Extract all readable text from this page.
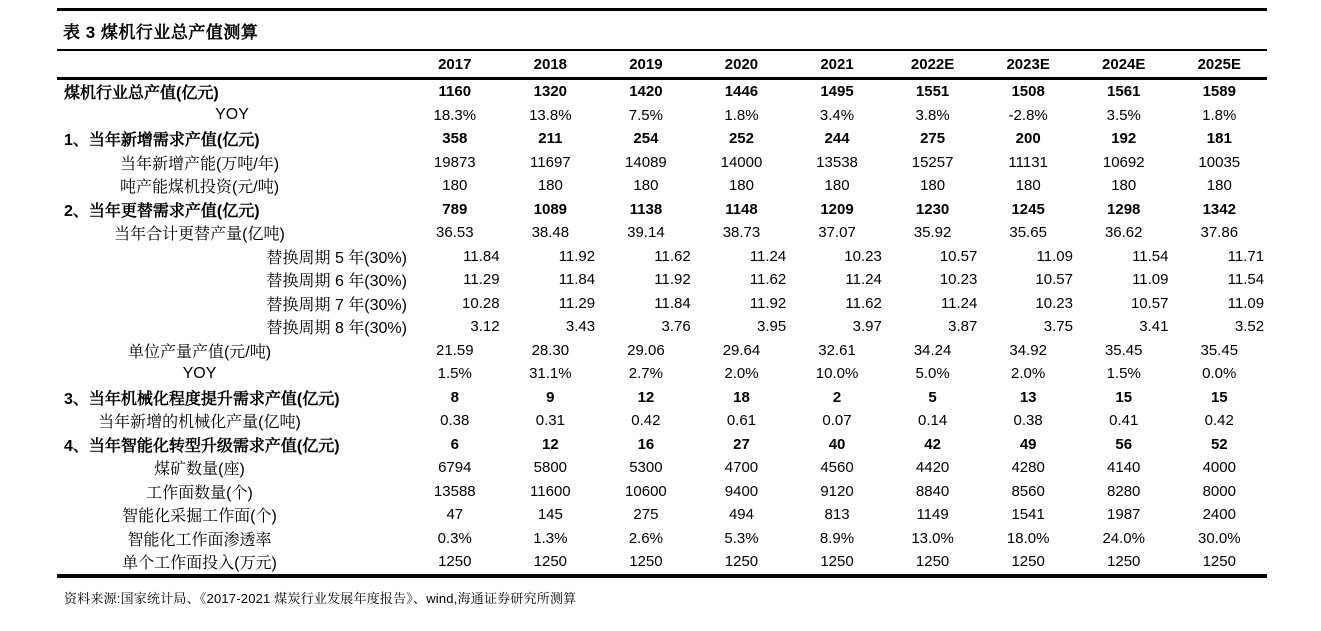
表 3 煤机行业总产值测算
2017	2018	2019	2020	2021	2022E	2023E	2024E	2025E
煤机行业总产值(亿元)	1160	1320	1420	1446	1495	1551	1508	1561	1589
YOY	18.3%	13.8%	7.5%	1.8%	3.4%	3.8%	-2.8%	3.5%	1.8%
1、当年新增需求产值(亿元)	358	211	254	252	244	275	200	192	181
当年新增产能(万吨/年)	19873	11697	14089	14000	13538	15257	11131	10692	10035
吨产能煤机投资(元/吨)	180	180	180	180	180	180	180	180	180
2、当年更替需求产值(亿元)	789	1089	1138	1148	1209	1230	1245	1298	1342
当年合计更替产量(亿吨)	36.53	38.48	39.14	38.73	37.07	35.92	35.65	36.62	37.86
替换周期 5 年(30%)	11.84	11.92	11.62	11.24	10.23	10.57	11.09	11.54	11.71
替换周期 6 年(30%)	11.29	11.84	11.92	11.62	11.24	10.23	10.57	11.09	11.54
替换周期 7 年(30%)	10.28	11.29	11.84	11.92	11.62	11.24	10.23	10.57	11.09
替换周期 8 年(30%)	3.12	3.43	3.76	3.95	3.97	3.87	3.75	3.41	3.52
单位产量产值(元/吨)	21.59	28.30	29.06	29.64	32.61	34.24	34.92	35.45	35.45
YOY	1.5%	31.1%	2.7%	2.0%	10.0%	5.0%	2.0%	1.5%	0.0%
3、当年机械化程度提升需求产值(亿元)	8	9	12	18	2	5	13	15	15
当年新增的机械化产量(亿吨)	0.38	0.31	0.42	0.61	0.07	0.14	0.38	0.41	0.42
4、当年智能化转型升级需求产值(亿元)	6	12	16	27	40	42	49	56	52
煤矿数量(座)	6794	5800	5300	4700	4560	4420	4280	4140	4000
工作面数量(个)	13588	11600	10600	9400	9120	8840	8560	8280	8000
智能化采掘工作面(个)	47	145	275	494	813	1149	1541	1987	2400
智能化工作面渗透率	0.3%	1.3%	2.6%	5.3%	8.9%	13.0%	18.0%	24.0%	30.0%
单个工作面投入(万元)	1250	1250	1250	1250	1250	1250	1250	1250	1250
资料来源:国家统计局、《2017-2021 煤炭行业发展年度报告》、wind,海通证券研究所测算
